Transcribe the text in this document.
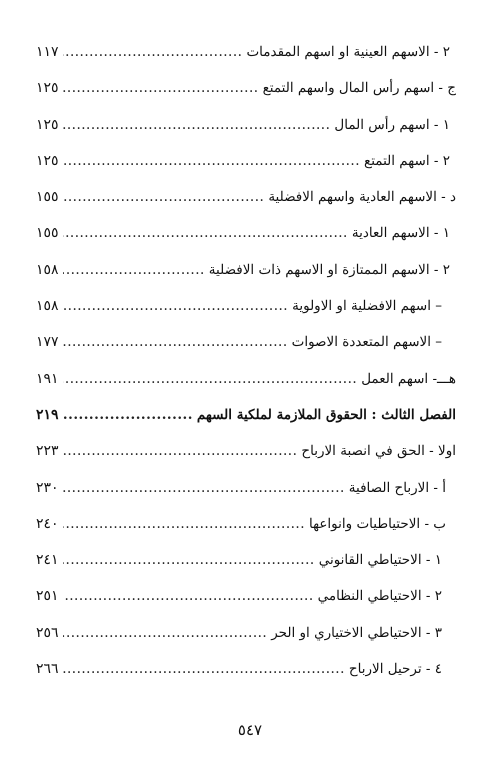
٢ - الاسهم العينية او اسهم المقدمات
.....
١١٧
ج - اسهم رأس المال واسهم التمتع
.....
١٢٥
١ - اسهم رأس المال
.....
١٢٥
٢ - اسهم التمتع
.....
١٢٥
د - الاسهم العادية واسهم الافضلية
.....
١٥٥
١ - الاسهم العادية
.....
١٥٥
٢ - الاسهم الممتازة او الاسهم ذات الافضلية
.....
١٥٨
– اسهم الافضلية او الاولوية
.....
١٥٨
– الاسهم المتعددة الاصوات
.....
١٧٧
هـــ- اسهم العمل
.....
١٩١
الفصل الثالث : الحقوق الملازمة لملكية السهم
.....
٢١٩
اولا - الحق في انصبة الارباح
.....
٢٢٣
أ - الارباح الصافية
.....
٢٣٠
ب - الاحتياطيات وانواعها
.....
٢٤٠
١ - الاحتياطي القانوني
.....
٢٤١
٢ - الاحتياطي النظامي
.....
٢٥١
٣ - الاحتياطي الاختياري او الحر
.....
٢٥٦
٤ - ترحيل الارباح
.....
٢٦٦
٥٤٧
